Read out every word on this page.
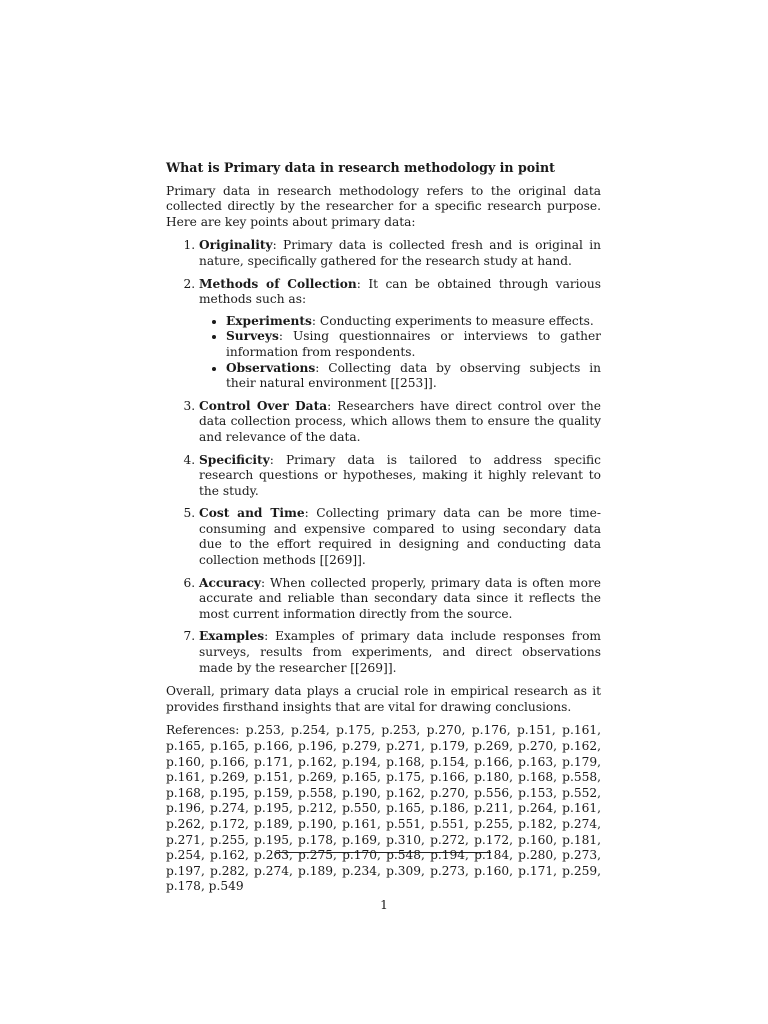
What is Primary data in research methodology in point

Primary data in research methodology refers to the original data collected directly by the researcher for a specific research purpose. Here are key points about primary data:

1. Originality: Primary data is collected fresh and is original in nature, specifically gathered for the research study at hand.
2. Methods of Collection: It can be obtained through various methods such as:
• Experiments: Conducting experiments to measure effects.
• Surveys: Using questionnaires or interviews to gather information from respondents.
• Observations: Collecting data by observing subjects in their natural environment [[253]].
3. Control Over Data: Researchers have direct control over the data collection process, which allows them to ensure the quality and relevance of the data.
4. Specificity: Primary data is tailored to address specific research questions or hypotheses, making it highly relevant to the study.
5. Cost and Time: Collecting primary data can be more time-consuming and expensive compared to using secondary data due to the effort required in designing and conducting data collection methods [[269]].
6. Accuracy: When collected properly, primary data is often more accurate and reliable than secondary data since it reflects the most current information directly from the source.
7. Examples: Examples of primary data include responses from surveys, results from experiments, and direct observations made by the researcher [[269]].

Overall, primary data plays a crucial role in empirical research as it provides firsthand insights that are vital for drawing conclusions.

References: p.253, p.254, p.175, p.253, p.270, p.176, p.151, p.161, p.165, p.165, p.166, p.196, p.279, p.271, p.179, p.269, p.270, p.162, p.160, p.166, p.171, p.162, p.194, p.168, p.154, p.166, p.163, p.179, p.161, p.269, p.151, p.269, p.165, p.175, p.166, p.180, p.168, p.558, p.168, p.195, p.159, p.558, p.190, p.162, p.270, p.556, p.153, p.552, p.196, p.274, p.195, p.212, p.550, p.165, p.186, p.211, p.264, p.161, p.262, p.172, p.189, p.190, p.161, p.551, p.551, p.255, p.182, p.274, p.271, p.255, p.195, p.178, p.169, p.310, p.272, p.172, p.160, p.181, p.254, p.162, p.263, p.275, p.170, p.548, p.194, p.184, p.280, p.273, p.197, p.282, p.274, p.189, p.234, p.309, p.273, p.160, p.171, p.259, p.178, p.549

1
